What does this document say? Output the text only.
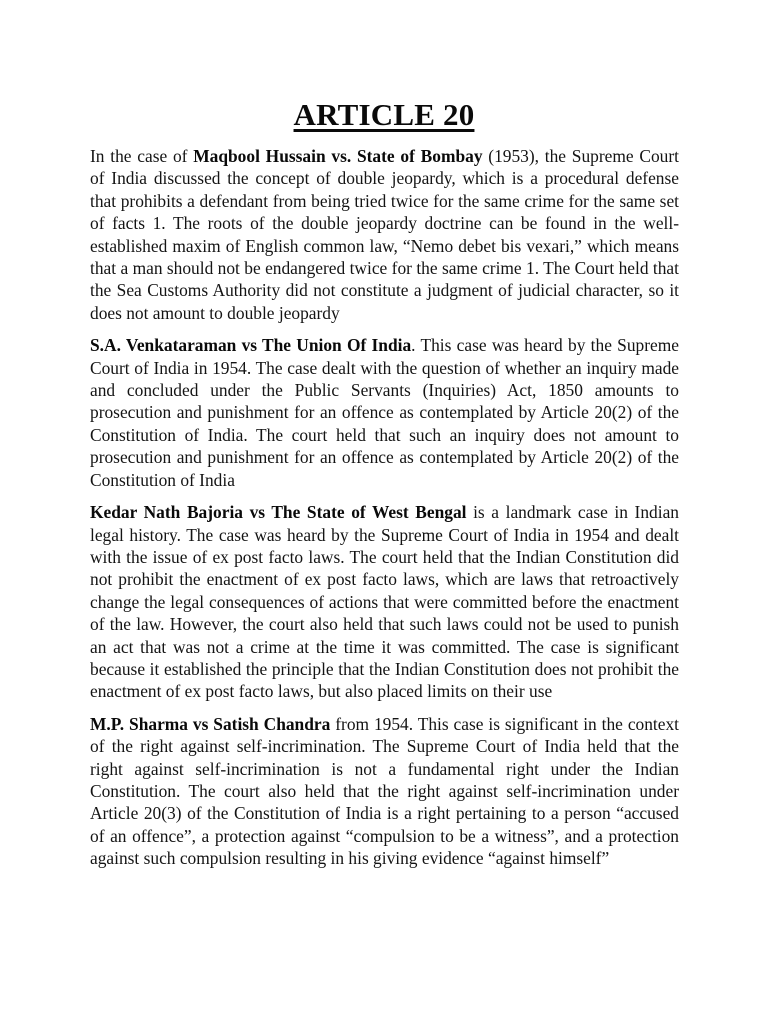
ARTICLE 20

In the case of Maqbool Hussain vs. State of Bombay (1953), the Supreme Court of India discussed the concept of double jeopardy, which is a procedural defense that prohibits a defendant from being tried twice for the same crime for the same set of facts 1. The roots of the double jeopardy doctrine can be found in the well-established maxim of English common law, “Nemo debet bis vexari,” which means that a man should not be endangered twice for the same crime 1. The Court held that the Sea Customs Authority did not constitute a judgment of judicial character, so it does not amount to double jeopardy

S.A. Venkataraman vs The Union Of India. This case was heard by the Supreme Court of India in 1954. The case dealt with the question of whether an inquiry made and concluded under the Public Servants (Inquiries) Act, 1850 amounts to prosecution and punishment for an offence as contemplated by Article 20(2) of the Constitution of India. The court held that such an inquiry does not amount to prosecution and punishment for an offence as contemplated by Article 20(2) of the Constitution of India

Kedar Nath Bajoria vs The State of West Bengal is a landmark case in Indian legal history. The case was heard by the Supreme Court of India in 1954 and dealt with the issue of ex post facto laws. The court held that the Indian Constitution did not prohibit the enactment of ex post facto laws, which are laws that retroactively change the legal consequences of actions that were committed before the enactment of the law. However, the court also held that such laws could not be used to punish an act that was not a crime at the time it was committed. The case is significant because it established the principle that the Indian Constitution does not prohibit the enactment of ex post facto laws, but also placed limits on their use

M.P. Sharma vs Satish Chandra from 1954. This case is significant in the context of the right against self-incrimination. The Supreme Court of India held that the right against self-incrimination is not a fundamental right under the Indian Constitution. The court also held that the right against self-incrimination under Article 20(3) of the Constitution of India is a right pertaining to a person “accused of an offence”, a protection against “compulsion to be a witness”, and a protection against such compulsion resulting in his giving evidence “against himself”
